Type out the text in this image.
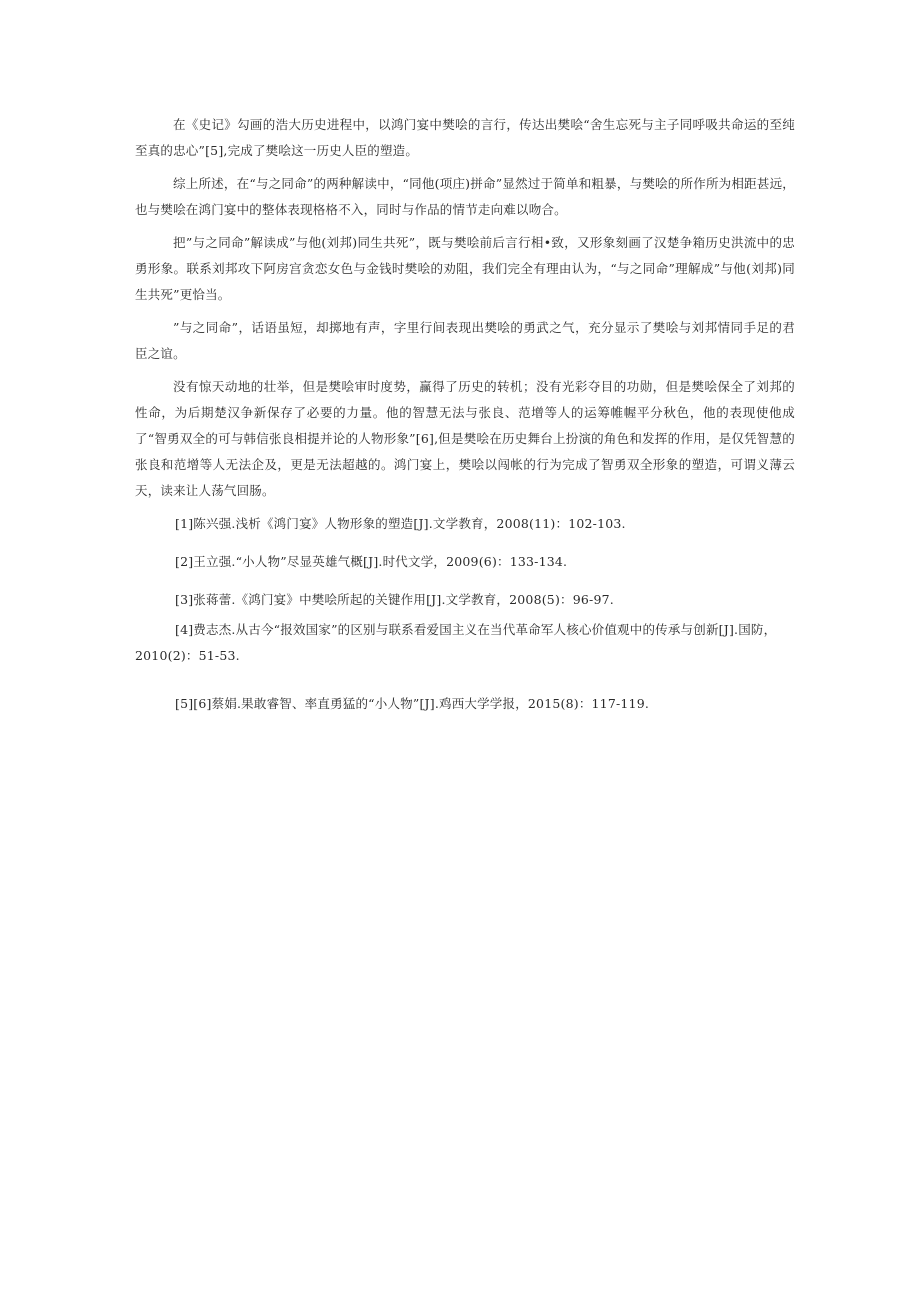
在《史记》勾画的浩大历史进程中，以鸿门宴中樊哙的言行，传达出樊哙“舍生忘死与主子同呼吸共命运的至纯至真的忠心”[5],完成了樊哙这一历史人臣的塑造。

综上所述，在“与之同命”的两种解读中，“同他(项庄)拼命”显然过于简单和粗暴，与樊哙的所作所为相距甚远，也与樊哙在鸿门宴中的整体表现格格不入，同时与作品的情节走向难以吻合。

把”与之同命”解读成”与他(刘邦)同生共死”，既与樊哙前后言行相•致，又形象刻画了汉楚争箱历史洪流中的忠勇形象。联系刘邦攻下阿房宫贪恋女色与金钱时樊哙的劝阻，我们完全有理由认为，“与之同命”理解成”与他(刘邦)同生共死”更恰当。

”与之同命”，话语虽短，却掷地有声，字里行间表现出樊哙的勇武之气，充分显示了樊哙与刘邦情同手足的君臣之谊。

没有惊天动地的壮举，但是樊哙审时度势，赢得了历史的转机；没有光彩夺目的功勋，但是樊哙保全了刘邦的性命，为后期楚汉争新保存了必要的力量。他的智慧无法与张良、范增等人的运筹帷幄平分秋色，他的表现使他成了“智勇双全的可与韩信张良相提并论的人物形象”[6],但是樊哙在历史舞台上扮演的角色和发挥的作用，是仅凭智慧的张良和范增等人无法企及，更是无法超越的。鸿门宴上，樊哙以闯帐的行为完成了智勇双全形象的塑造，可谓义薄云天，读来让人荡气回肠。

[1]陈兴强.浅析《鸿门宴》人物形象的塑造[J].文学教育，2008(11)：102-103.

[2]王立强.“小人物”尽显英雄气概[J].时代文学，2009(6)：133-134.

[3]张蒋蕾.《鸿门宴》中樊哙所起的关键作用[J].文学教育，2008(5)：96-97.

[4]费志杰.从古今“报效国家”的区别与联系看爱国主义在当代革命军人核心价值观中的传承与创新[J].国防，2010(2)：51-53.

[5][6]蔡娟.果敢睿智、率直勇猛的“小人物”[J].鸡西大学学报，2015(8)：117-119.
